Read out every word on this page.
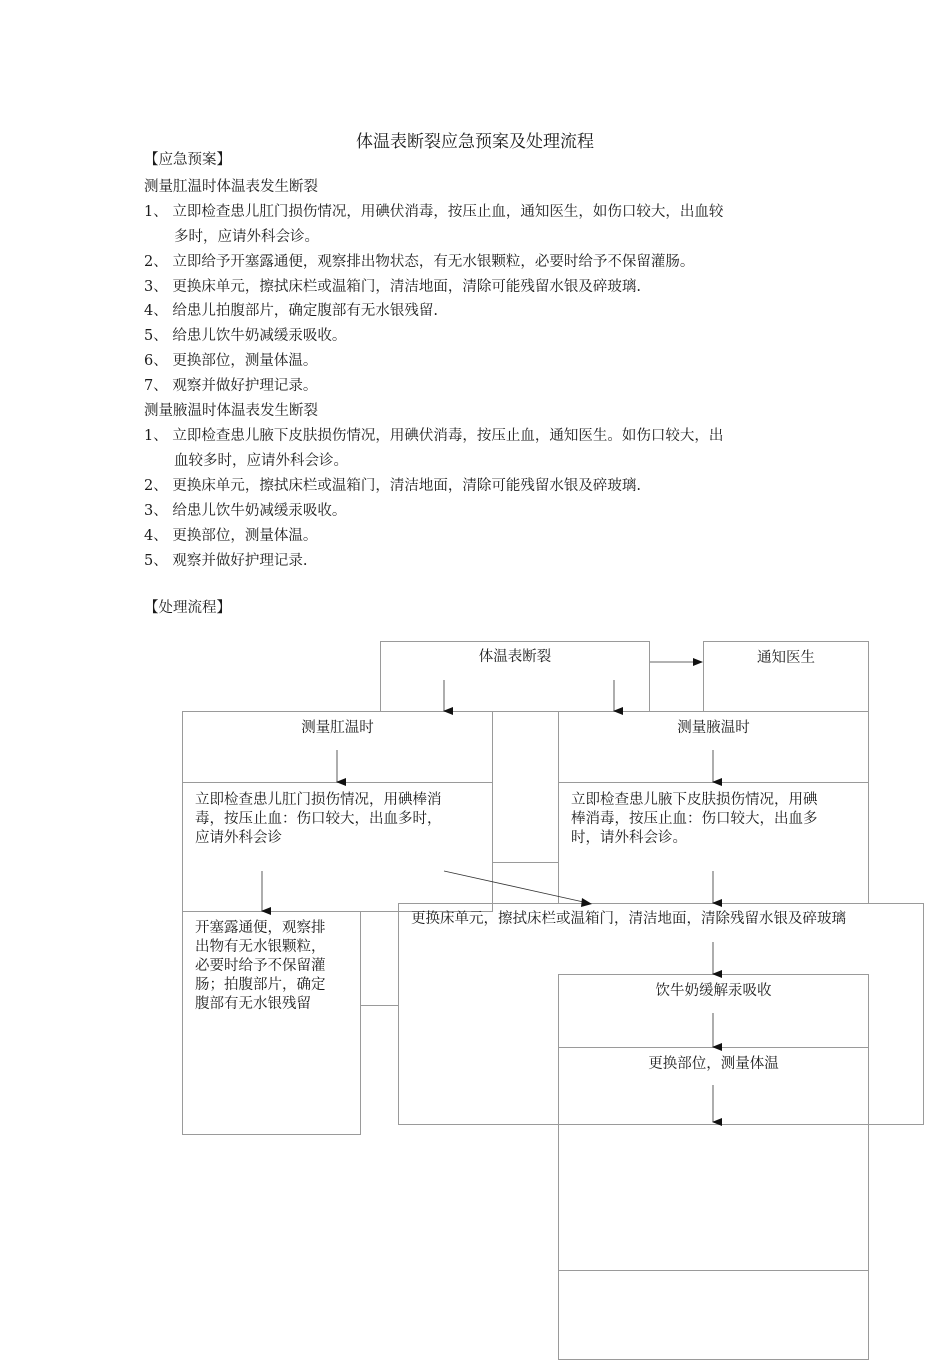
体温表断裂应急预案及处理流程
【应急预案】
测量肛温时体温表发生断裂
1、 立即检查患儿肛门损伤情况，用碘伏消毒，按压止血，通知医生，如伤口较大，出血较
多时，应请外科会诊。
2、 立即给予开塞露通便，观察排出物状态，有无水银颗粒，必要时给予不保留灌肠。
3、 更换床单元，擦拭床栏或温箱门，清洁地面，清除可能残留水银及碎玻璃.
4、 给患儿拍腹部片，确定腹部有无水银残留.
5、 给患儿饮牛奶减缓汞吸收。
6、 更换部位，测量体温。
7、 观察并做好护理记录。
测量腋温时体温表发生断裂
1、 立即检查患儿腋下皮肤损伤情况，用碘伏消毒，按压止血，通知医生。如伤口较大，出
血较多时，应请外科会诊。
2、 更换床单元，擦拭床栏或温箱门，清洁地面，清除可能残留水银及碎玻璃.
3、 给患儿饮牛奶减缓汞吸收。
4、 更换部位，测量体温。
5、 观察并做好护理记录.
【处理流程】
体温表断裂	通知医生
测量肛温时	测量腋温时
立即检查患儿肛门损伤情况，用碘棒消
毒，按压止血：伤口较大，出血多时，
应请外科会诊
立即检查患儿腋下皮肤损伤情况，用碘
棒消毒，按压止血：伤口较大，出血多
时，请外科会诊。
开塞露通便，观察排
出物有无水银颗粒，
必要时给予不保留灌
肠；拍腹部片，确定
腹部有无水银残留
更换床单元，擦拭床栏或温箱门，清洁地面，清除残留水银及碎玻璃
饮牛奶缓解汞吸收
更换部位，测量体温
